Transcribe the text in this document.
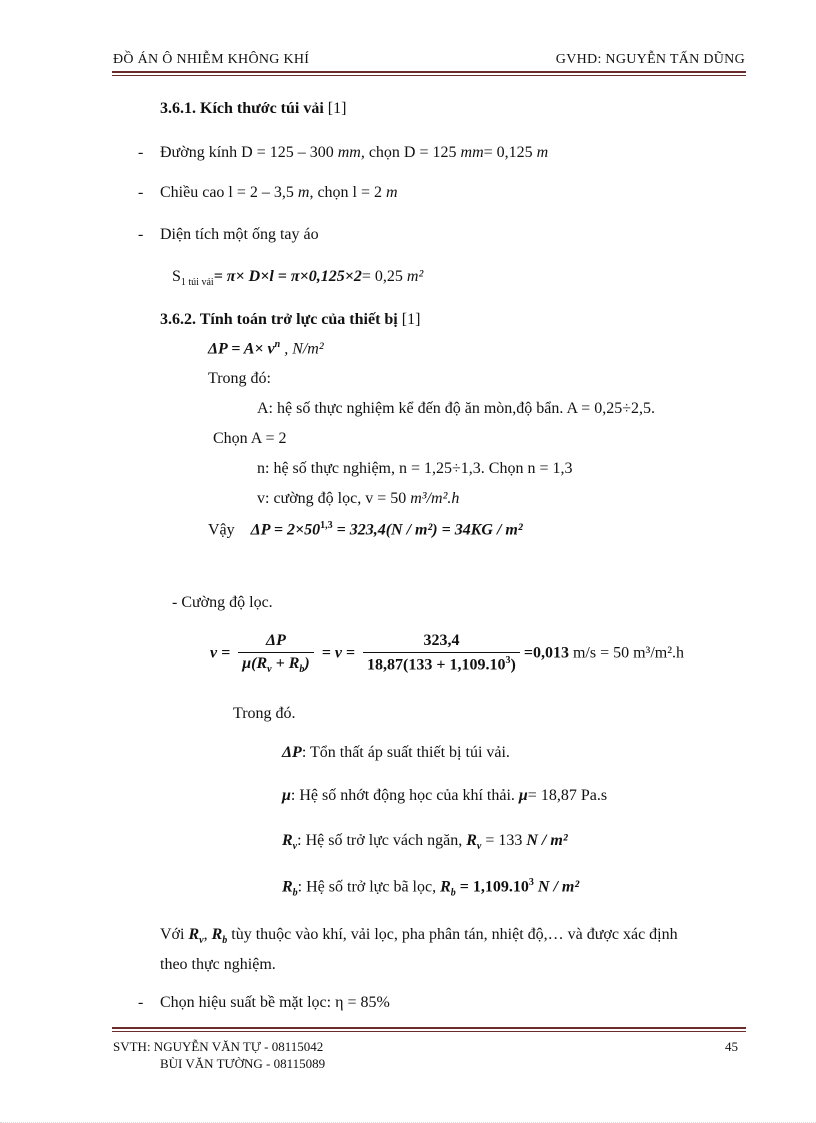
ĐỒ ÁN Ô NHIỄM KHÔNG KHÍ	GVHD: NGUYỄN TẤN DŨNG
3.6.1. Kích thước túi vải [1]
- Đường kính D = 125 – 300 mm, chọn D = 125 mm= 0,125 m
- Chiều cao l = 2 – 3,5 m, chọn l = 2 m
- Diện tích một ống tay áo
$S_{1 túi vải}= \pi\times D\times l = \pi\times 0,125\times 2= 0,25$ m²
3.6.2. Tính toán trở lực của thiết bị [1]
$\Delta P = A\times v^n$ , N/m²
Trong đó:
A: hệ số thực nghiệm kể đến độ ăn mòn,độ bẩn. A = 0,25÷2,5.
Chọn A = 2
n: hệ số thực nghiệm, n = 1,25÷1,3. Chọn n = 1,3
v: cường độ lọc, v = 50 m³/m².h
Vậy $\Delta P = 2\times 50^{1,3} = 323,4(N / m^2) = 34KG / m^2$
- Cường độ lọc.
$v = \frac{\Delta P}{\mu(R_v + R_b)} = v = \frac{323,4}{18,87(133 + 1,109.10^3)} =0,013$ m/s = 50 m³/m².h
Trong đó.
ΔP: Tổn thất áp suất thiết bị túi vải.
μ: Hệ số nhớt động học của khí thải. μ= 18,87 Pa.s
$R_v$: Hệ số trở lực vách ngăn, $R_v = 133$ N / m²
$R_b$: Hệ số trở lực bã lọc, $R_b = 1,109.10^3$ N / m²
Với $R_v$, $R_b$ tùy thuộc vào khí, vải lọc, pha phân tán, nhiệt độ,… và được xác định
theo thực nghiệm.
- Chọn hiệu suất bề mặt lọc: η = 85%
SVTH: NGUYỄN VĂN TỰ - 08115042
BÙI VĂN TƯỜNG - 08115089
45
